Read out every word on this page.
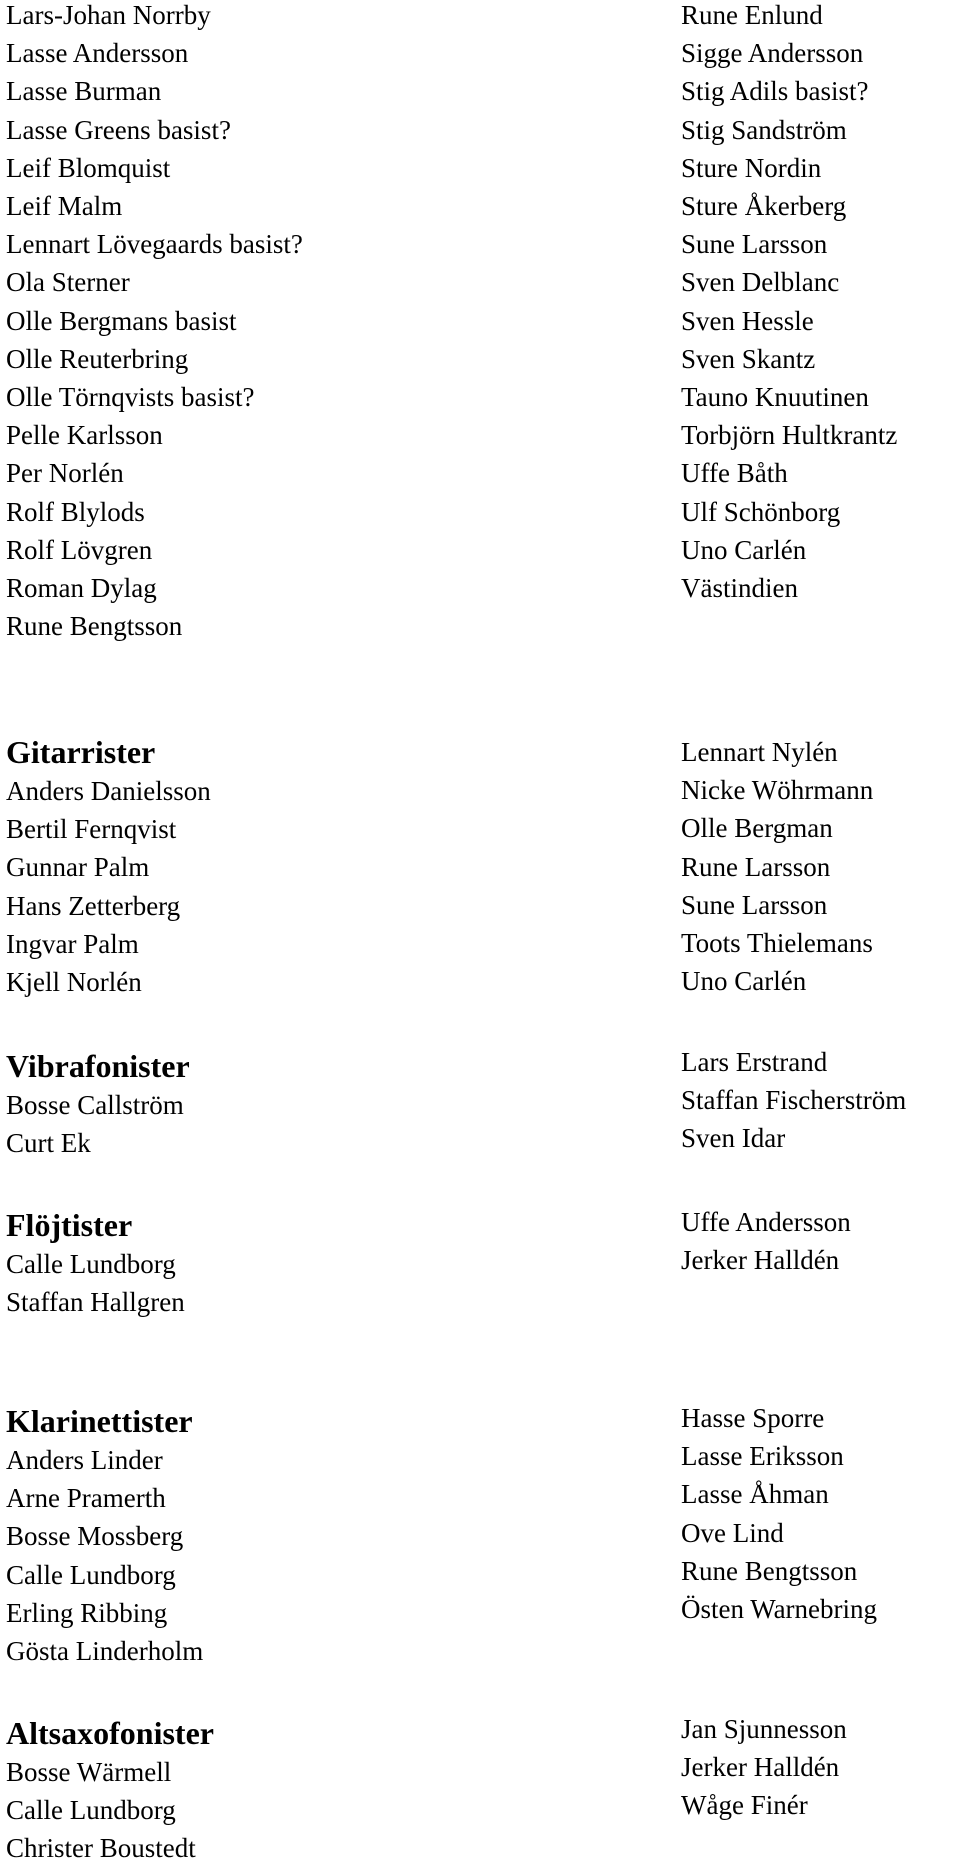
Lars-Johan Norrby
Lasse Andersson
Lasse Burman
Lasse Greens basist?
Leif Blomquist
Leif Malm
Lennart Lövegaards basist?
Ola Sterner
Olle Bergmans basist
Olle Reuterbring
Olle Törnqvists basist?
Pelle Karlsson
Per Norlén
Rolf Blylods
Rolf Lövgren
Roman Dylag
Rune Bengtsson
Rune Enlund
Sigge Andersson
Stig Adils basist?
Stig Sandström
Sture Nordin
Sture Åkerberg
Sune Larsson
Sven Delblanc
Sven Hessle
Sven Skantz
Tauno Knuutinen
Torbjörn Hultkrantz
Uffe Båth
Ulf Schönborg
Uno Carlén
Västindien
Gitarrister
Anders Danielsson
Bertil Fernqvist
Gunnar Palm
Hans Zetterberg
Ingvar Palm
Kjell Norlén
Lennart Nylén
Nicke Wöhrmann
Olle Bergman
Rune Larsson
Sune Larsson
Toots Thielemans
Uno Carlén
Vibrafonister
Bosse Callström
Curt Ek
Lars Erstrand
Staffan Fischerström
Sven Idar
Flöjtister
Calle Lundborg
Staffan Hallgren
Uffe Andersson
Jerker Halldén
Klarinettister
Anders Linder
Arne Pramerth
Bosse Mossberg
Calle Lundborg
Erling Ribbing
Gösta Linderholm
Hasse Sporre
Lasse Eriksson
Lasse Åhman
Ove Lind
Rune Bengtsson
Östen Warnebring
Altsaxofonister
Bosse Wärmell
Calle Lundborg
Christer Boustedt
Jan Sjunnesson
Jerker Halldén
Wåge Finér
